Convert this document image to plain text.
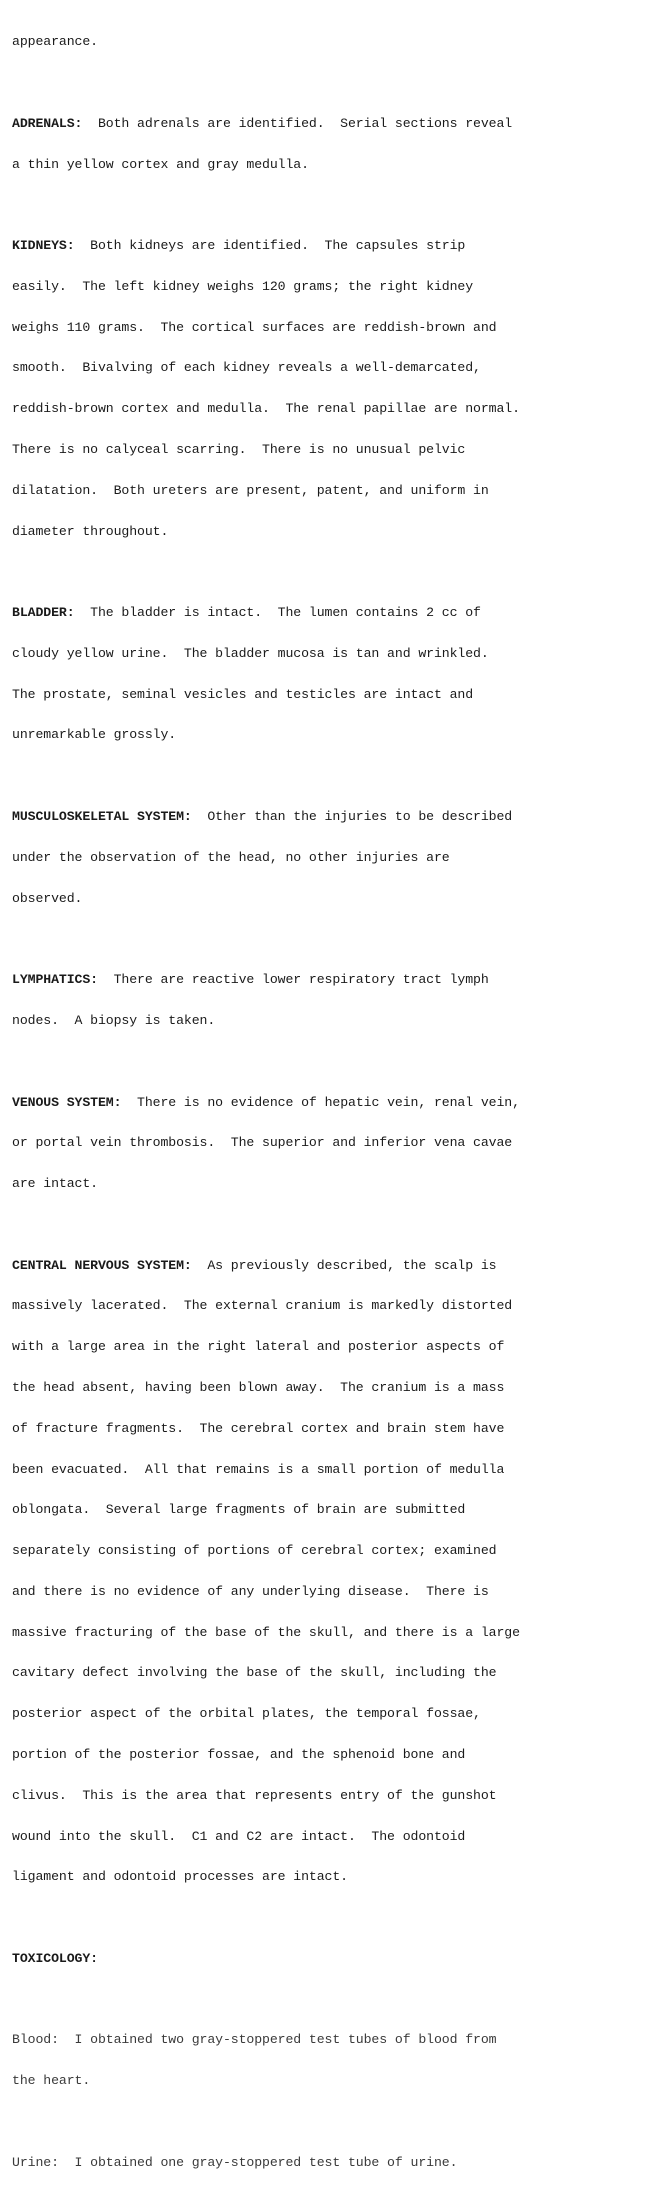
appearance.

ADRENALS:  Both adrenals are identified.  Serial sections reveal

a thin yellow cortex and gray medulla.

KIDNEYS:  Both kidneys are identified.  The capsules strip

easily.  The left kidney weighs 120 grams; the right kidney

weighs 110 grams.  The cortical surfaces are reddish-brown and

smooth.  Bivalving of each kidney reveals a well-demarcated,

reddish-brown cortex and medulla.  The renal papillae are normal.

There is no calyceal scarring.  There is no unusual pelvic

dilatation.  Both ureters are present, patent, and uniform in

diameter throughout.

BLADDER:  The bladder is intact.  The lumen contains 2 cc of

cloudy yellow urine.  The bladder mucosa is tan and wrinkled.

The prostate, seminal vesicles and testicles are intact and

unremarkable grossly.

MUSCULOSKELETAL SYSTEM:  Other than the injuries to be described

under the observation of the head, no other injuries are

observed.

LYMPHATICS:  There are reactive lower respiratory tract lymph

nodes.  A biopsy is taken.

VENOUS SYSTEM:  There is no evidence of hepatic vein, renal vein,

or portal vein thrombosis.  The superior and inferior vena cavae

are intact.

CENTRAL NERVOUS SYSTEM:  As previously described, the scalp is

massively lacerated.  The external cranium is markedly distorted

with a large area in the right lateral and posterior aspects of

the head absent, having been blown away.  The cranium is a mass

of fracture fragments.  The cerebral cortex and brain stem have

been evacuated.  All that remains is a small portion of medulla

oblongata.  Several large fragments of brain are submitted

separately consisting of portions of cerebral cortex; examined

and there is no evidence of any underlying disease.  There is

massive fracturing of the base of the skull, and there is a large

cavitary defect involving the base of the skull, including the

posterior aspect of the orbital plates, the temporal fossae,

portion of the posterior fossae, and the sphenoid bone and

clivus.  This is the area that represents entry of the gunshot

wound into the skull.  C1 and C2 are intact.  The odontoid

ligament and odontoid processes are intact.

TOXICOLOGY:

Blood:  I obtained two gray-stoppered test tubes of blood from

the heart.

Urine:  I obtained one gray-stoppered test tube of urine.
